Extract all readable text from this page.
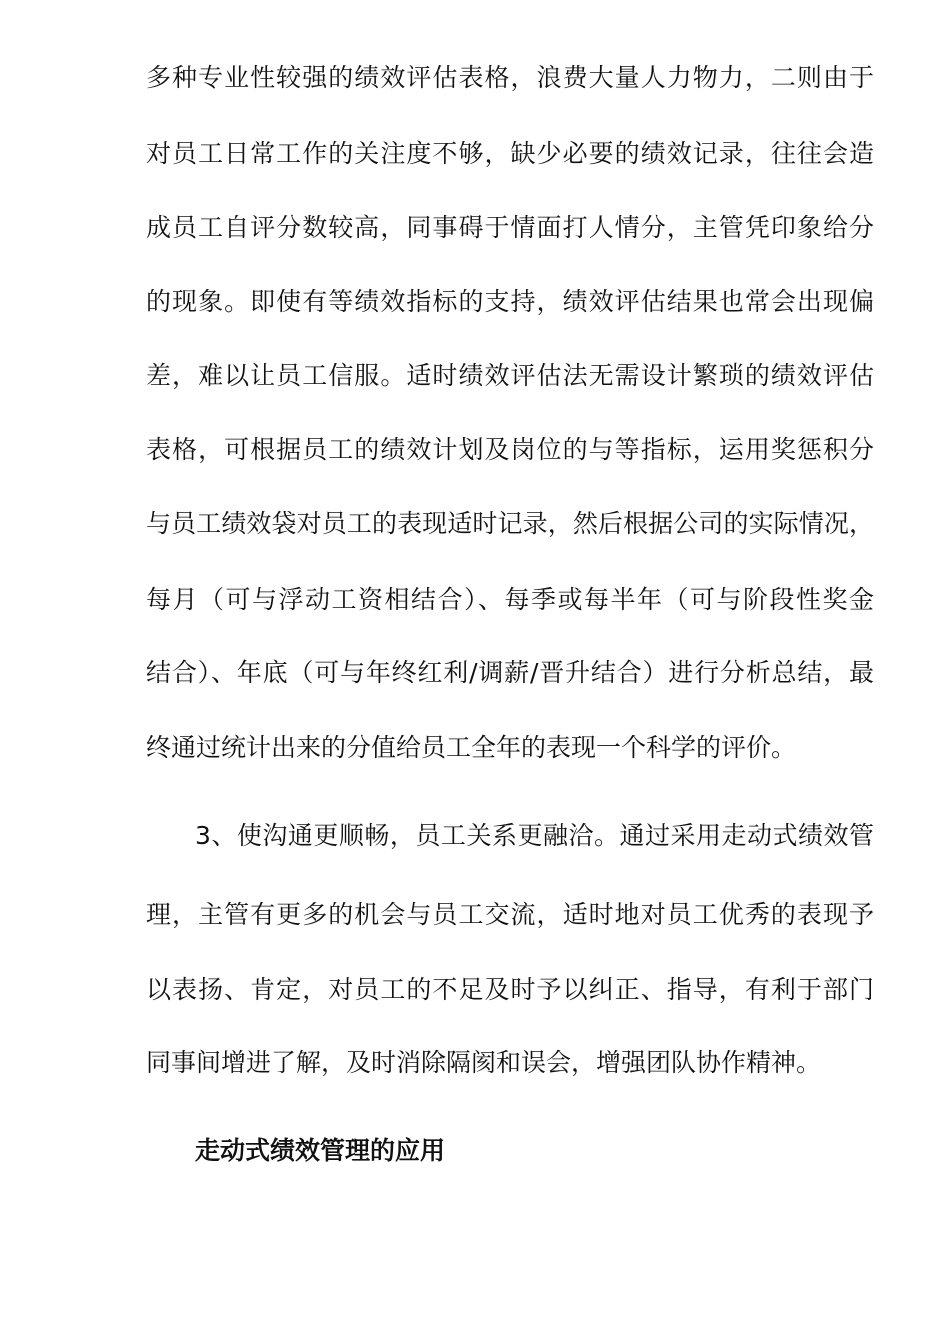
多种专业性较强的绩效评估表格，浪费大量人力物力，二则由于
对员工日常工作的关注度不够，缺少必要的绩效记录，往往会造
成员工自评分数较高，同事碍于情面打人情分，主管凭印象给分
的现象。即使有等绩效指标的支持，绩效评估结果也常会出现偏
差，难以让员工信服。适时绩效评估法无需设计繁琐的绩效评估
表格，可根据员工的绩效计划及岗位的与等指标，运用奖惩积分
与员工绩效袋对员工的表现适时记录，然后根据公司的实际情况，
每月（可与浮动工资相结合）、每季或每半年（可与阶段性奖金
结合）、年底（可与年终红利/调薪/晋升结合）进行分析总结，最
终通过统计出来的分值给员工全年的表现一个科学的评价。
3、使沟通更顺畅，员工关系更融洽。通过采用走动式绩效管
理，主管有更多的机会与员工交流，适时地对员工优秀的表现予
以表扬、肯定，对员工的不足及时予以纠正、指导，有利于部门
同事间增进了解，及时消除隔阂和误会，增强团队协作精神。
走动式绩效管理的应用
